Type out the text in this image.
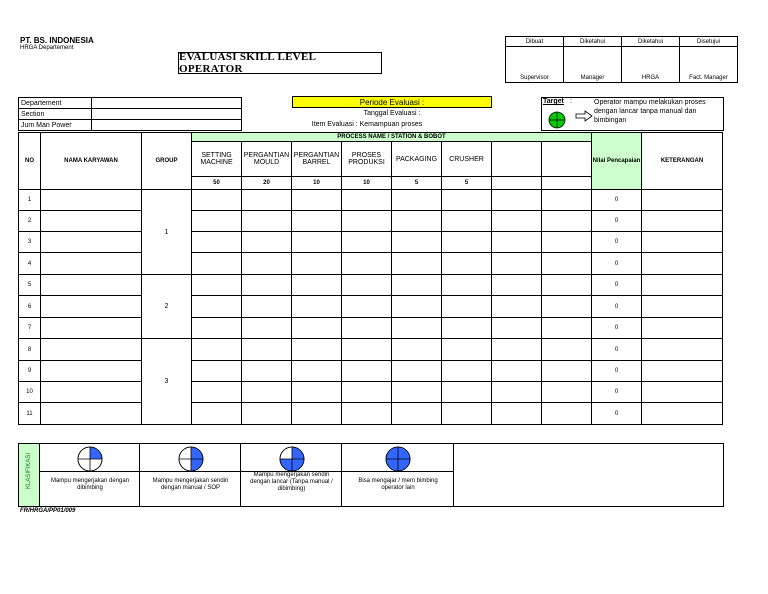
PT. BS. INDONESIA
HRGA Departement
EVALUASI SKILL LEVEL OPERATOR
Dibuat	Diketahui	Diketahui	Disetujui
Supervisor	Manager	HRGA	Fact. Manager
Departement	
Section	
Jum Man Power	
Periode Evaluasi :
Tanggal Evaluasi :
Item Evaluasi : Kemampuan proses
Target :	Operator mampu melakukan proses dengan lancar tanpa manual dan bimbingan
NO	NAMA KARYAWAN	GROUP	PROCESS NAME / STATION & BOBOT								Nilai Pencapaian	KETERANGAN
			SETTING MACHINE	PERGANTIAN MOULD	PERGANTIAN BARREL	PROSES PRODUKSI	PACKAGING	CRUSHER				
			50	20	10	10	5	5				
1		1									0	
2											0	
3											0	
4											0	
5		2									0	
6											0	
7											0	
8		3									0	
9											0	
10											0	
11											0	
KLASIFIKASI	Mampu mengerjakan dengan dibimbing
Mampu mengerjakan sendiri dengan manual / SOP
Mampu mengerjakan sendiri dengan lancar (Tanpa manual / dibimbing)
Bisa mengajar / mem bimbing operator lain
FR/HRGA/PP01/009
